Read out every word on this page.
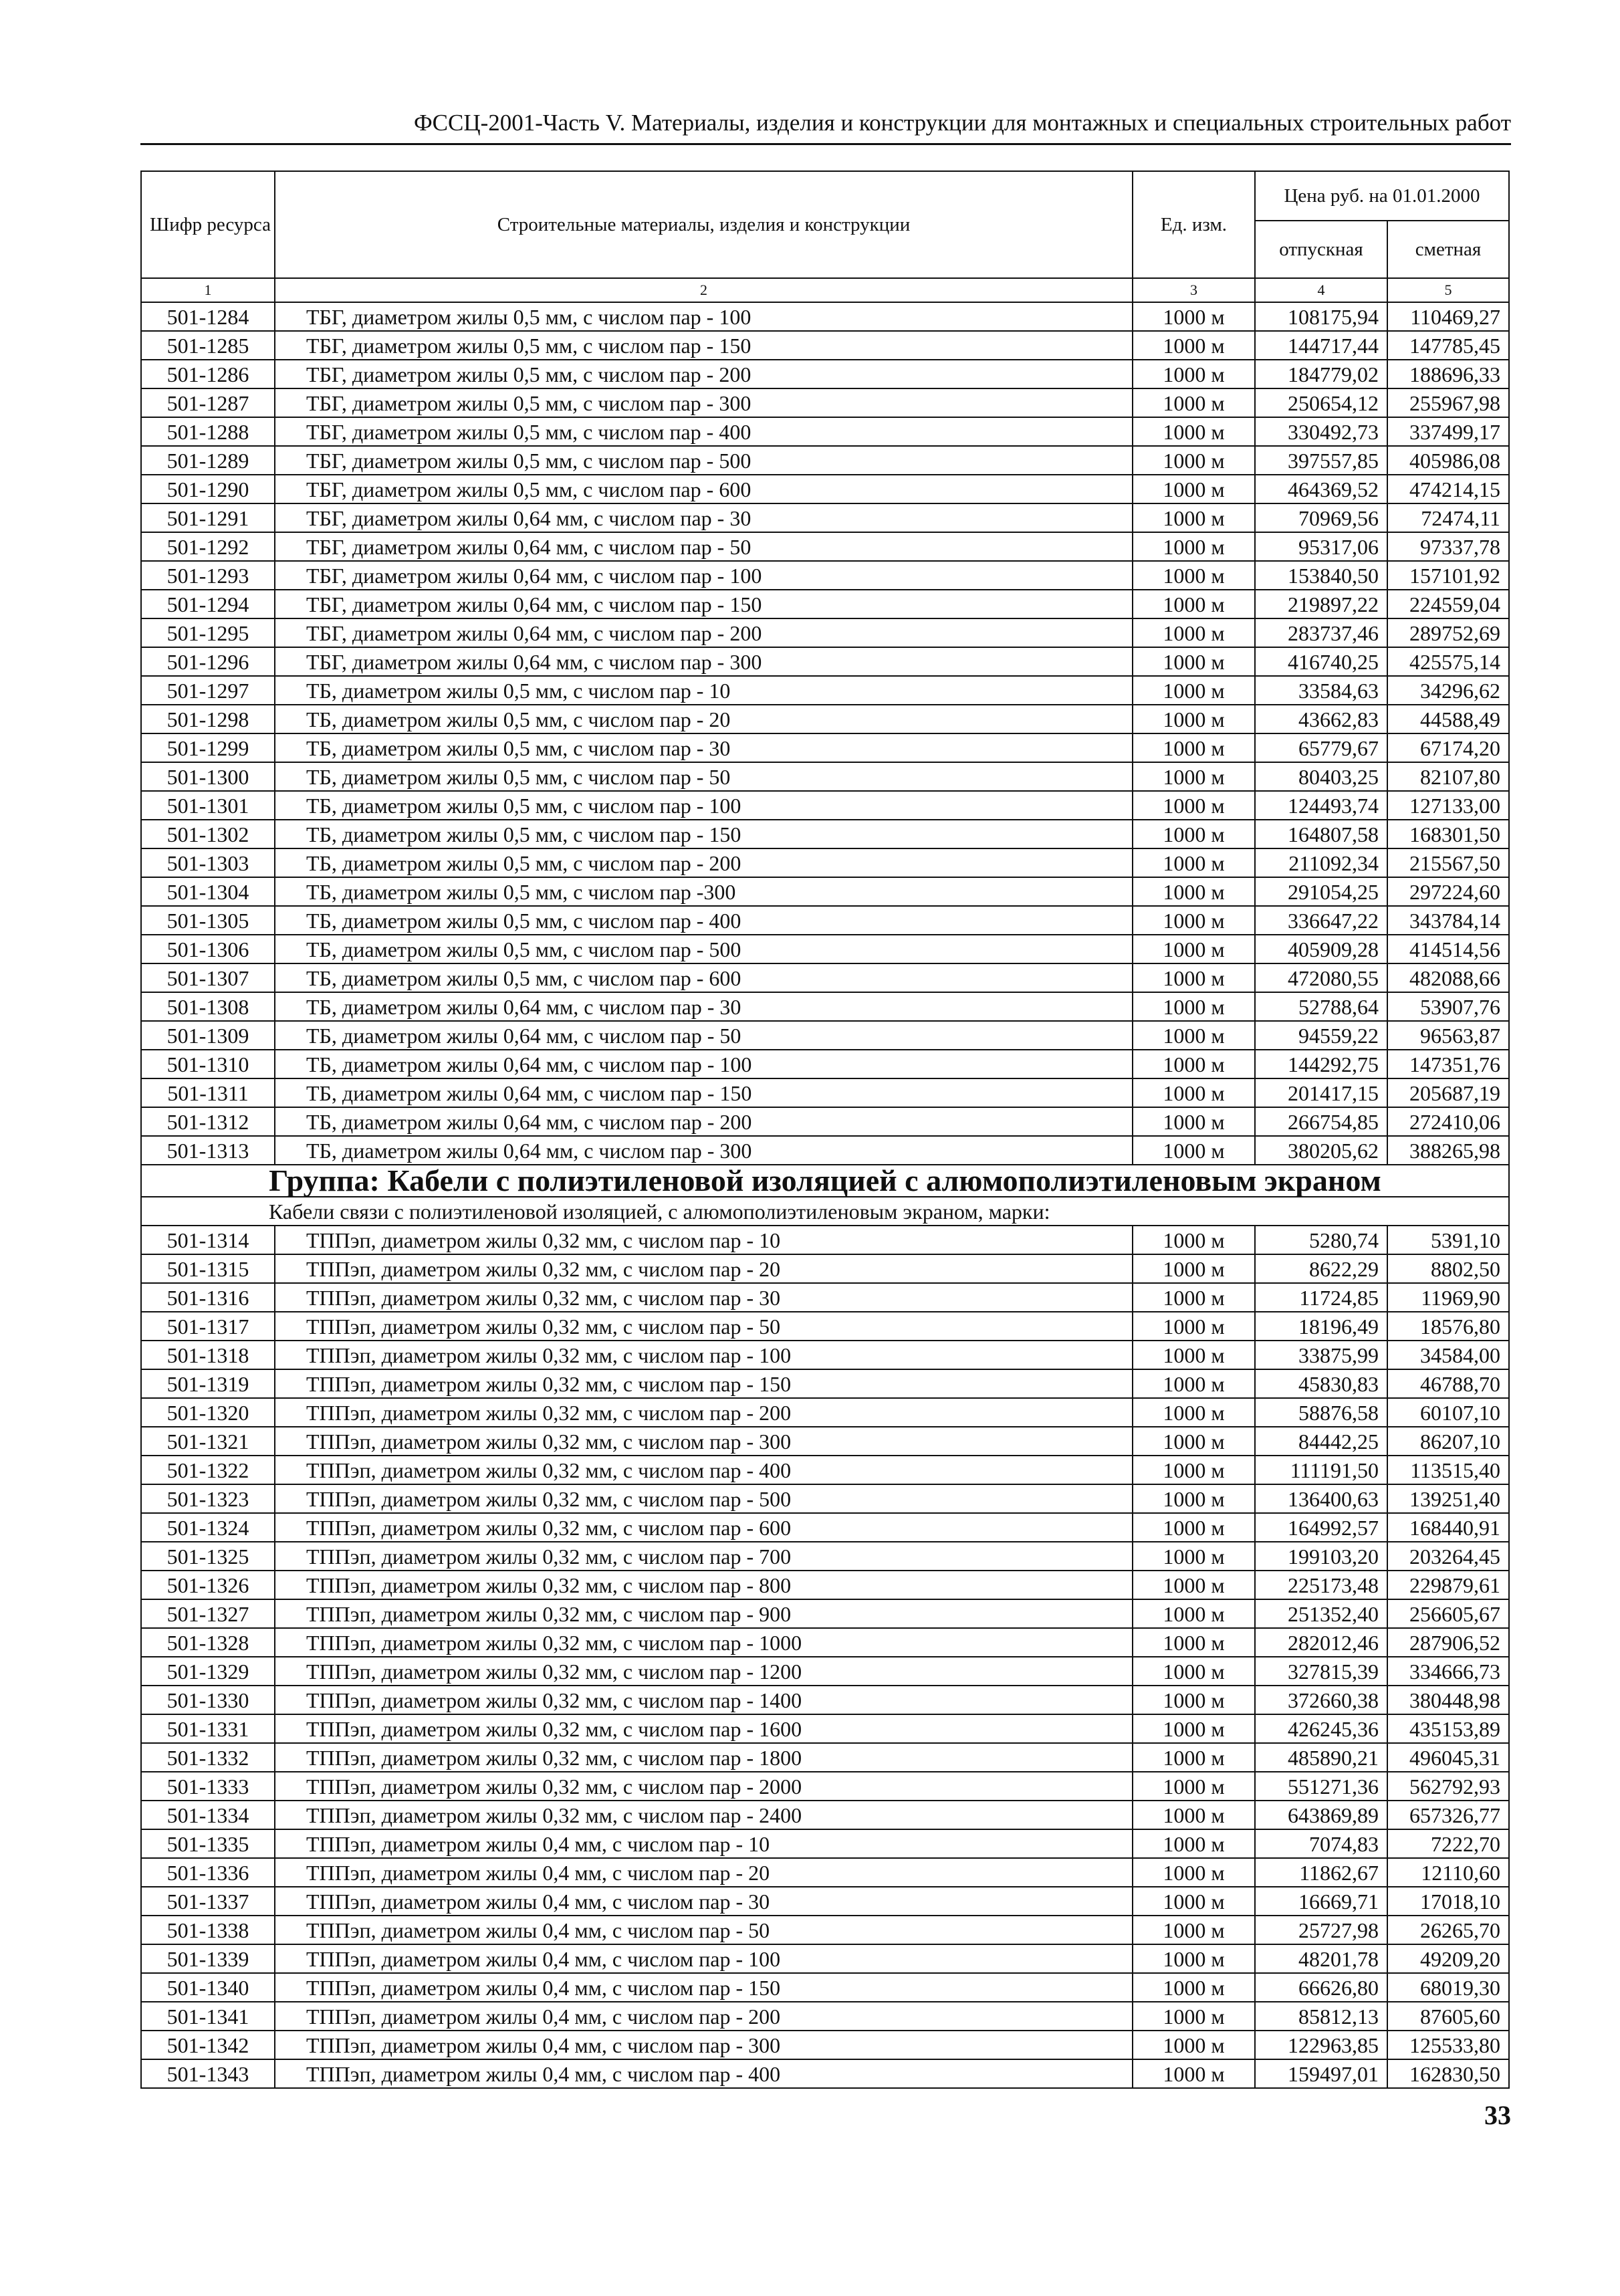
ФССЦ-2001-Часть V. Материалы, изделия и конструкции для монтажных и специальных строительных работ
Шифр ресурса	Строительные материалы, изделия и конструкции	Ед. изм.	Цена руб. на 01.01.2000	
			отпускная	сметная
1	2	3	4	5
501-1284	ТБГ, диаметром жилы 0,5 мм, с числом пар - 100	1000 м	108175,94	110469,27
501-1285	ТБГ, диаметром жилы 0,5 мм, с числом пар - 150	1000 м	144717,44	147785,45
501-1286	ТБГ, диаметром жилы 0,5 мм, с числом пар - 200	1000 м	184779,02	188696,33
501-1287	ТБГ, диаметром жилы 0,5 мм, с числом пар - 300	1000 м	250654,12	255967,98
501-1288	ТБГ, диаметром жилы 0,5 мм, с числом пар - 400	1000 м	330492,73	337499,17
501-1289	ТБГ, диаметром жилы 0,5 мм, с числом пар - 500	1000 м	397557,85	405986,08
501-1290	ТБГ, диаметром жилы 0,5 мм, с числом пар - 600	1000 м	464369,52	474214,15
501-1291	ТБГ, диаметром жилы 0,64 мм, с числом пар - 30	1000 м	70969,56	72474,11
501-1292	ТБГ, диаметром жилы 0,64 мм, с числом пар - 50	1000 м	95317,06	97337,78
501-1293	ТБГ, диаметром жилы 0,64 мм, с числом пар - 100	1000 м	153840,50	157101,92
501-1294	ТБГ, диаметром жилы 0,64 мм, с числом пар - 150	1000 м	219897,22	224559,04
501-1295	ТБГ, диаметром жилы 0,64 мм, с числом пар - 200	1000 м	283737,46	289752,69
501-1296	ТБГ, диаметром жилы 0,64 мм, с числом пар - 300	1000 м	416740,25	425575,14
501-1297	ТБ, диаметром жилы 0,5 мм, с числом пар - 10	1000 м	33584,63	34296,62
501-1298	ТБ, диаметром жилы 0,5 мм, с числом пар - 20	1000 м	43662,83	44588,49
501-1299	ТБ, диаметром жилы 0,5 мм, с числом пар - 30	1000 м	65779,67	67174,20
501-1300	ТБ, диаметром жилы 0,5 мм, с числом пар - 50	1000 м	80403,25	82107,80
501-1301	ТБ, диаметром жилы 0,5 мм, с числом пар - 100	1000 м	124493,74	127133,00
501-1302	ТБ, диаметром жилы 0,5 мм, с числом пар - 150	1000 м	164807,58	168301,50
501-1303	ТБ, диаметром жилы 0,5 мм, с числом пар - 200	1000 м	211092,34	215567,50
501-1304	ТБ, диаметром жилы 0,5 мм, с числом пар -300	1000 м	291054,25	297224,60
501-1305	ТБ, диаметром жилы 0,5 мм, с числом пар - 400	1000 м	336647,22	343784,14
501-1306	ТБ, диаметром жилы 0,5 мм, с числом пар - 500	1000 м	405909,28	414514,56
501-1307	ТБ, диаметром жилы 0,5 мм, с числом пар - 600	1000 м	472080,55	482088,66
501-1308	ТБ, диаметром жилы 0,64 мм, с числом пар - 30	1000 м	52788,64	53907,76
501-1309	ТБ, диаметром жилы 0,64 мм, с числом пар - 50	1000 м	94559,22	96563,87
501-1310	ТБ, диаметром жилы 0,64 мм, с числом пар - 100	1000 м	144292,75	147351,76
501-1311	ТБ, диаметром жилы 0,64 мм, с числом пар - 150	1000 м	201417,15	205687,19
501-1312	ТБ, диаметром жилы 0,64 мм, с числом пар - 200	1000 м	266754,85	272410,06
501-1313	ТБ, диаметром жилы 0,64 мм, с числом пар - 300	1000 м	380205,62	388265,98
Группа: Кабели с полиэтиленовой изоляцией с алюмополиэтиленовым экраном				
Кабели связи с полиэтиленовой изоляцией, с алюмополиэтиленовым экраном, марки:				
501-1314	ТППэп, диаметром жилы 0,32 мм, с числом пар - 10	1000 м	5280,74	5391,10
501-1315	ТППэп, диаметром жилы 0,32 мм, с числом пар - 20	1000 м	8622,29	8802,50
501-1316	ТППэп, диаметром жилы 0,32 мм, с числом пар - 30	1000 м	11724,85	11969,90
501-1317	ТППэп, диаметром жилы 0,32 мм, с числом пар - 50	1000 м	18196,49	18576,80
501-1318	ТППэп, диаметром жилы 0,32 мм, с числом пар - 100	1000 м	33875,99	34584,00
501-1319	ТППэп, диаметром жилы 0,32 мм, с числом пар - 150	1000 м	45830,83	46788,70
501-1320	ТППэп, диаметром жилы 0,32 мм, с числом пар - 200	1000 м	58876,58	60107,10
501-1321	ТППэп, диаметром жилы 0,32 мм, с числом пар - 300	1000 м	84442,25	86207,10
501-1322	ТППэп, диаметром жилы 0,32 мм, с числом пар - 400	1000 м	111191,50	113515,40
501-1323	ТППэп, диаметром жилы 0,32 мм, с числом пар - 500	1000 м	136400,63	139251,40
501-1324	ТППэп, диаметром жилы 0,32 мм, с числом пар - 600	1000 м	164992,57	168440,91
501-1325	ТППэп, диаметром жилы 0,32 мм, с числом пар - 700	1000 м	199103,20	203264,45
501-1326	ТППэп, диаметром жилы 0,32 мм, с числом пар - 800	1000 м	225173,48	229879,61
501-1327	ТППэп, диаметром жилы 0,32 мм, с числом пар - 900	1000 м	251352,40	256605,67
501-1328	ТППэп, диаметром жилы 0,32 мм, с числом пар - 1000	1000 м	282012,46	287906,52
501-1329	ТППэп, диаметром жилы 0,32 мм, с числом пар - 1200	1000 м	327815,39	334666,73
501-1330	ТППэп, диаметром жилы 0,32 мм, с числом пар - 1400	1000 м	372660,38	380448,98
501-1331	ТППэп, диаметром жилы 0,32 мм, с числом пар - 1600	1000 м	426245,36	435153,89
501-1332	ТППэп, диаметром жилы 0,32 мм, с числом пар - 1800	1000 м	485890,21	496045,31
501-1333	ТППэп, диаметром жилы 0,32 мм, с числом пар - 2000	1000 м	551271,36	562792,93
501-1334	ТППэп, диаметром жилы 0,32 мм, с числом пар - 2400	1000 м	643869,89	657326,77
501-1335	ТППэп, диаметром жилы 0,4 мм, с числом пар - 10	1000 м	7074,83	7222,70
501-1336	ТППэп, диаметром жилы 0,4 мм, с числом пар - 20	1000 м	11862,67	12110,60
501-1337	ТППэп, диаметром жилы 0,4 мм, с числом пар - 30	1000 м	16669,71	17018,10
501-1338	ТППэп, диаметром жилы 0,4 мм, с числом пар - 50	1000 м	25727,98	26265,70
501-1339	ТППэп, диаметром жилы 0,4 мм, с числом пар - 100	1000 м	48201,78	49209,20
501-1340	ТППэп, диаметром жилы 0,4 мм, с числом пар - 150	1000 м	66626,80	68019,30
501-1341	ТППэп, диаметром жилы 0,4 мм, с числом пар - 200	1000 м	85812,13	87605,60
501-1342	ТППэп, диаметром жилы 0,4 мм, с числом пар - 300	1000 м	122963,85	125533,80
501-1343	ТППэп, диаметром жилы 0,4 мм, с числом пар - 400	1000 м	159497,01	162830,50
33
